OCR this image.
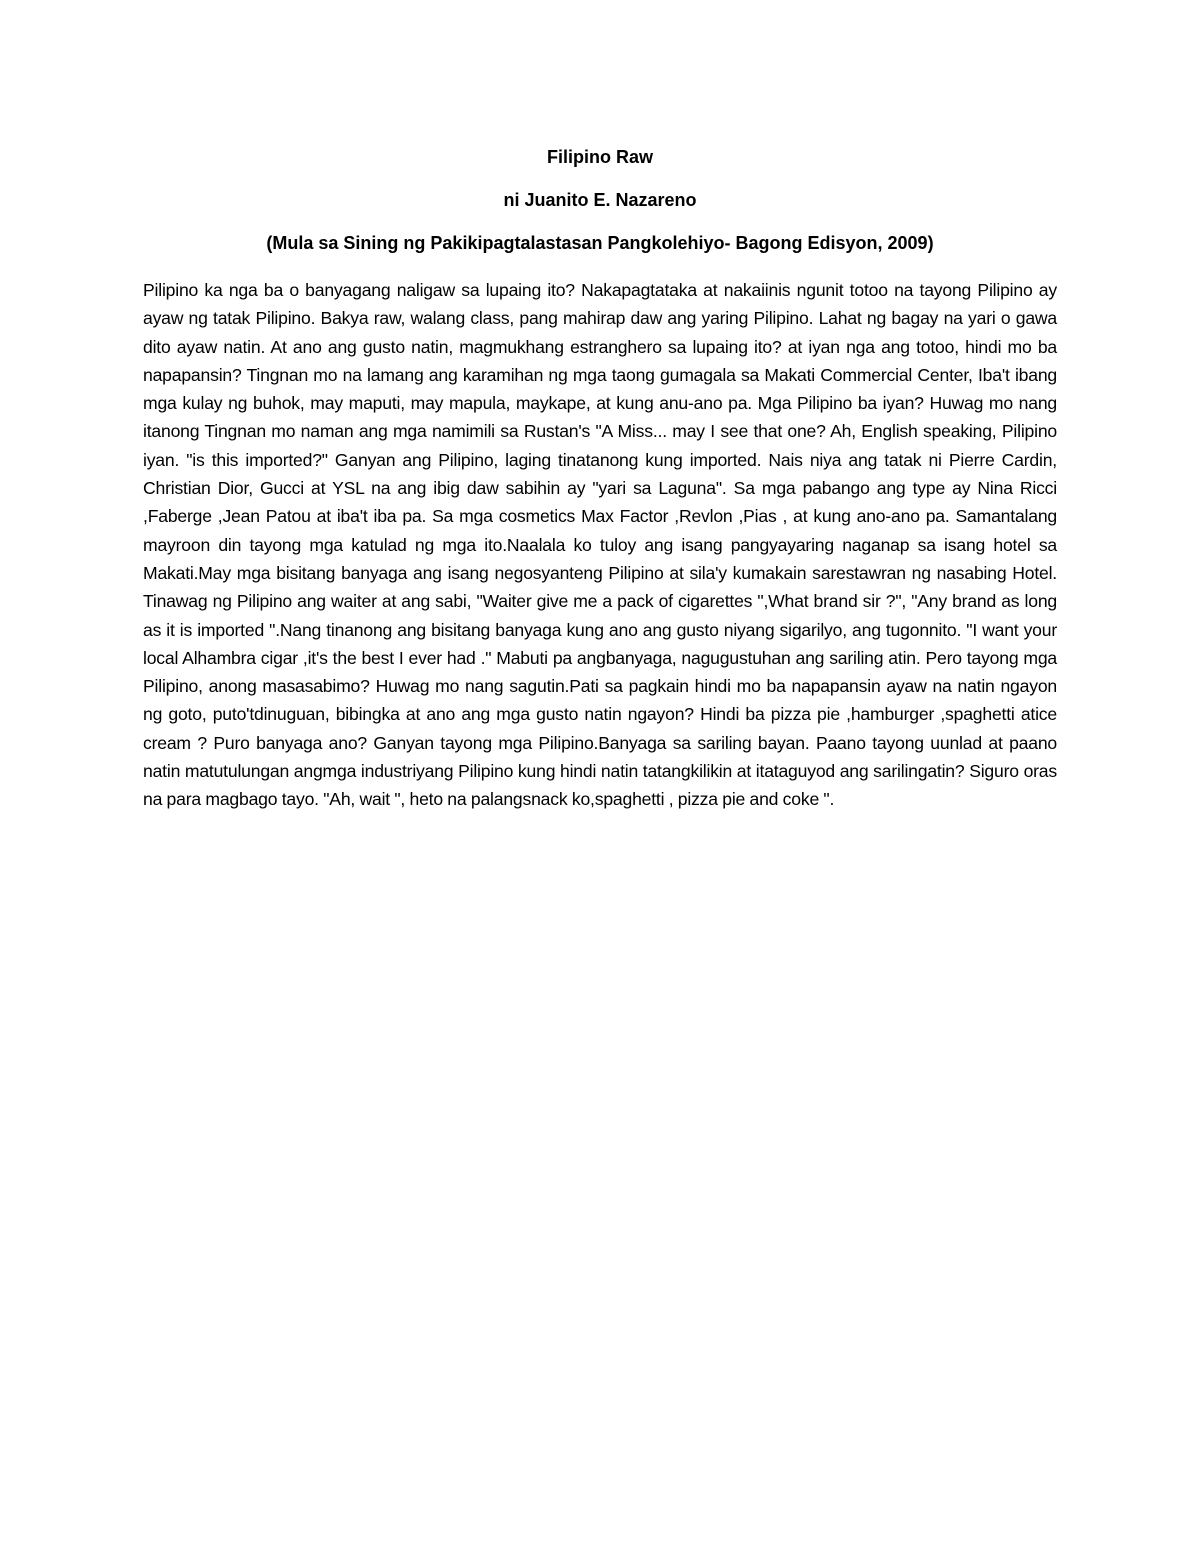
Filipino Raw
ni Juanito E. Nazareno
(Mula sa Sining ng Pakikipagtalastasan Pangkolehiyo- Bagong Edisyon, 2009)

Pilipino ka nga ba o banyagang naligaw sa lupaing ito? Nakapagtataka at nakaiinis ngunit totoo na tayong Pilipino ay ayaw ng tatak Pilipino. Bakya raw, walang class, pang mahirap daw ang yaring Pilipino. Lahat ng bagay na yari o gawa dito ayaw natin. At ano ang gusto natin, magmukhang estranghero sa lupaing ito? at iyan nga ang totoo, hindi mo ba napapansin? Tingnan mo na lamang ang karamihan ng mga taong gumagala sa Makati Commercial Center, Iba't ibang mga kulay ng buhok, may maputi, may mapula, maykape, at kung anu-ano pa. Mga Pilipino ba iyan? Huwag mo nang itanong Tingnan mo naman ang mga namimili sa Rustan's "A Miss... may I see that one? Ah, English speaking, Pilipino iyan. "is this imported?" Ganyan ang Pilipino, laging tinatanong kung imported. Nais niya ang tatak ni Pierre Cardin, Christian Dior, Gucci at YSL na ang ibig daw sabihin ay "yari sa Laguna". Sa mga pabango ang type ay Nina Ricci ,Faberge ,Jean Patou at iba't iba pa. Sa mga cosmetics Max Factor ,Revlon ,Pias , at kung ano-ano pa. Samantalang mayroon din tayong mga katulad ng mga ito.Naalala ko tuloy ang isang pangyayaring naganap sa isang hotel sa Makati.May mga bisitang banyaga ang isang negosyanteng Pilipino at sila'y kumakain sarestawran ng nasabing Hotel. Tinawag ng Pilipino ang waiter at ang sabi, "Waiter give me a pack of cigarettes ",What brand sir ?", "Any brand as long as it is imported ".Nang tinanong ang bisitang banyaga kung ano ang gusto niyang sigarilyo, ang tugonnito. "I want your local Alhambra cigar ,it's the best I ever had ." Mabuti pa angbanyaga, nagugustuhan ang sariling atin. Pero tayong mga Pilipino, anong masasabimo? Huwag mo nang sagutin.Pati sa pagkain hindi mo ba napapansin ayaw na natin ngayon ng goto, puto'tdinuguan, bibingka at ano ang mga gusto natin ngayon? Hindi ba pizza pie ,hamburger ,spaghetti atice cream ? Puro banyaga ano? Ganyan tayong mga Pilipino.Banyaga sa sariling bayan. Paano tayong uunlad at paano natin matutulungan angmga industriyang Pilipino kung hindi natin tatangkilikin at itataguyod ang sarilingatin? Siguro oras na para magbago tayo. "Ah, wait ", heto na palangsnack ko,spaghetti , pizza pie and coke ".
